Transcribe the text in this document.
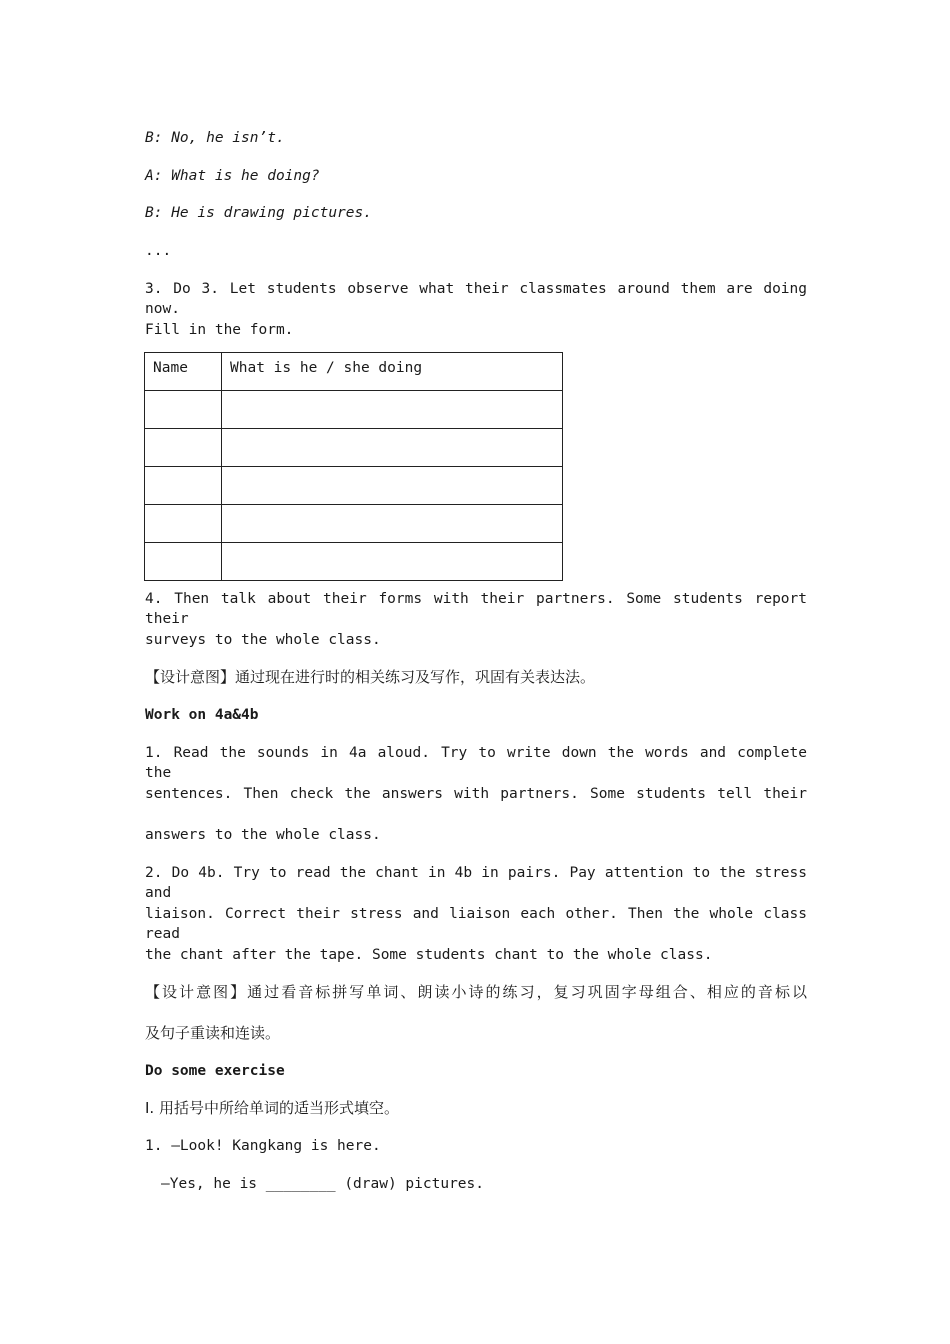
B: No, he isn’t.
A: What is he doing?
B: He is drawing pictures.
...
3. Do 3. Let students observe what their classmates around them are doing now.
Fill in the form.
Name	What is he / she doing

4. Then talk about their forms with their partners. Some students report their
surveys to the whole class.
【设计意图】通过现在进行时的相关练习及写作，巩固有关表达法。
Work on 4a&4b
1. Read the sounds in 4a aloud. Try to write down the words and complete the
sentences. Then check the answers with partners. Some students tell their
answers to the whole class.
2. Do 4b. Try to read the chant in 4b in pairs. Pay attention to the stress and
liaison. Correct their stress and liaison each other. Then the whole class read
the chant after the tape. Some students chant to the whole class.
【设计意图】通过看音标拼写单词、朗读小诗的练习，复习巩固字母组合、相应的音标以
及句子重读和连读。
Do some exercise
I. 用括号中所给单词的适当形式填空。
1. —Look! Kangkang is here.
—Yes, he is ________ (draw) pictures.
